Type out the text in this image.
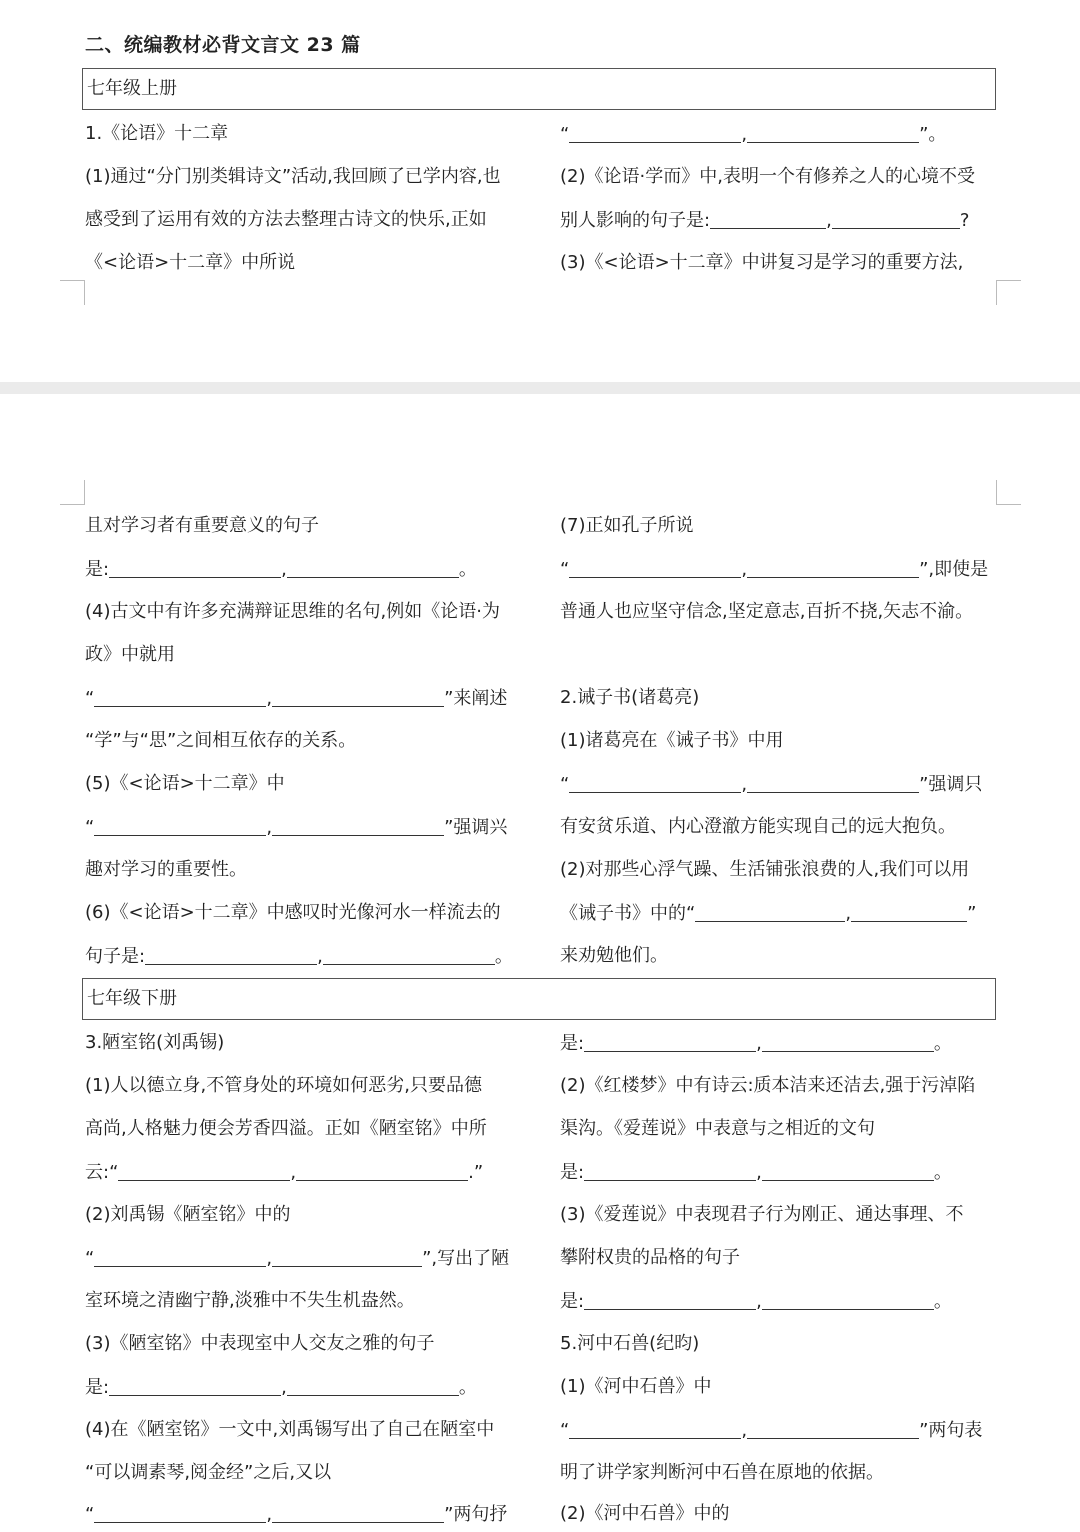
二、统编教材必背文言文 23 篇
七年级上册
1.《论语》十二章
(1)通过“分门别类辑诗文”活动,我回顾了已学内容,也
感受到了运用有效的方法去整理古诗文的快乐,正如
《<论语>十二章》中所说
“	,	”。
(2)《论语·学而》中,表明一个有修养之人的心境不受
别人影响的句子是:	,	?
(3)《<论语>十二章》中讲复习是学习的重要方法,
且对学习者有重要意义的句子
是:	,	。
(4)古文中有许多充满辩证思维的名句,例如《论语·为
政》中就用
“	,	”来阐述
“学”与“思”之间相互依存的关系。
(5)《<论语>十二章》中
“	,	”强调兴
趣对学习的重要性。
(6)《<论语>十二章》中感叹时光像河水一样流去的
句子是:	,	。
(7)正如孔子所说
“	,	”,即使是
普通人也应坚守信念,坚定意志,百折不挠,矢志不渝。
2.诫子书(诸葛亮)
(1)诸葛亮在《诫子书》中用
“	,	”强调只
有安贫乐道、内心澄澈方能实现自己的远大抱负。
(2)对那些心浮气躁、生活铺张浪费的人,我们可以用
《诫子书》中的“	,	”
来劝勉他们。
七年级下册
3.陋室铭(刘禹锡)
(1)人以德立身,不管身处的环境如何恶劣,只要品德
高尚,人格魅力便会芳香四溢。正如《陋室铭》中所
云:“	,	.”
(2)刘禹锡《陋室铭》中的
“	,	”,写出了陋
室环境之清幽宁静,淡雅中不失生机盎然。
(3)《陋室铭》中表现室中人交友之雅的句子
是:	,	。
(4)在《陋室铭》一文中,刘禹锡写出了自己在陋室中
“可以调素琴,阅金经”之后,又以
“	,	”两句抒
是:	,	。
(2)《红楼梦》中有诗云:质本洁来还洁去,强于污淖陷
渠沟。《爱莲说》中表意与之相近的文句
是:	,	。
(3)《爱莲说》中表现君子行为刚正、通达事理、不
攀附权贵的品格的句子
是:	,	。
5.河中石兽(纪昀)
(1)《河中石兽》中
“	,	”两句表
明了讲学家判断河中石兽在原地的依据。
(2)《河中石兽》中的
